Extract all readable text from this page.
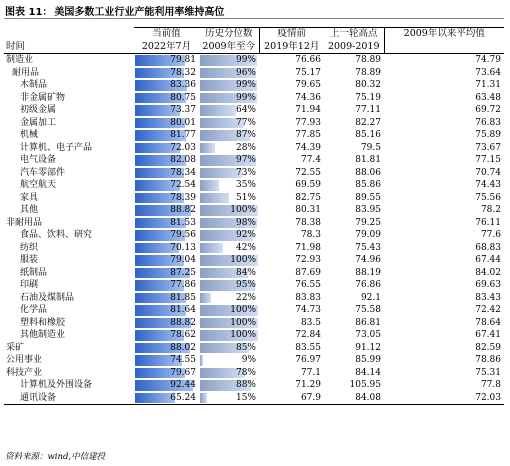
图表 11： 美国多数工业行业产能利用率维持高位
	当前值	历史分位数	疫情前	上一轮高点	2009年以来平均值
时间	2022年7月	2009年至今	2019年12月	2009-2019	
制造业	79.81	99%	76.66	78.89	74.79
耐用品	78.32	96%	75.17	78.89	73.64
木制品	83.36	99%	79.65	80.32	71.31
非金属矿物	80.75	99%	74.36	75.19	63.48
初级金属	73.37	64%	71.94	77.11	69.72
金属加工	80.01	77%	77.93	82.27	76.83
机械	81.77	87%	77.85	85.16	75.89
计算机、电子产品	72.03	28%	74.39	79.5	73.67
电气设备	82.08	97%	77.4	81.81	77.15
汽车零部件	78.34	73%	72.55	88.06	70.74
航空航天	72.54	35%	69.59	85.86	74.43
家具	78.39	51%	82.75	89.55	75.56
其他	88.82	100%	80.31	83.95	78.2
非耐用品	81.53	98%	78.38	79.25	76.11
食品、饮料、研究	79.56	92%	78.3	79.09	77.6
纺织	70.13	42%	71.98	75.43	68.83
服装	79.04	100%	72.93	74.96	67.44
纸制品	87.25	84%	87.69	88.19	84.02
印刷	77.86	95%	76.55	76.86	69.63
石油及煤制品	81.85	22%	83.83	92.1	83.43
化学品	81.64	100%	74.73	75.58	72.42
塑料和橡胶	88.82	100%	83.5	86.81	78.64
其他制造业	78.62	100%	72.84	73.05	67.41
采矿	88.02	85%	83.55	91.12	82.59
公用事业	74.55	9%	76.97	85.99	78.86
科技产业	79.67	78%	77.1	84.14	75.31
计算机及外围设备	92.44	88%	71.29	105.95	77.8
通讯设备	65.24	15%	67.9	84.08	72.03
资料来源：wind,中信建投
